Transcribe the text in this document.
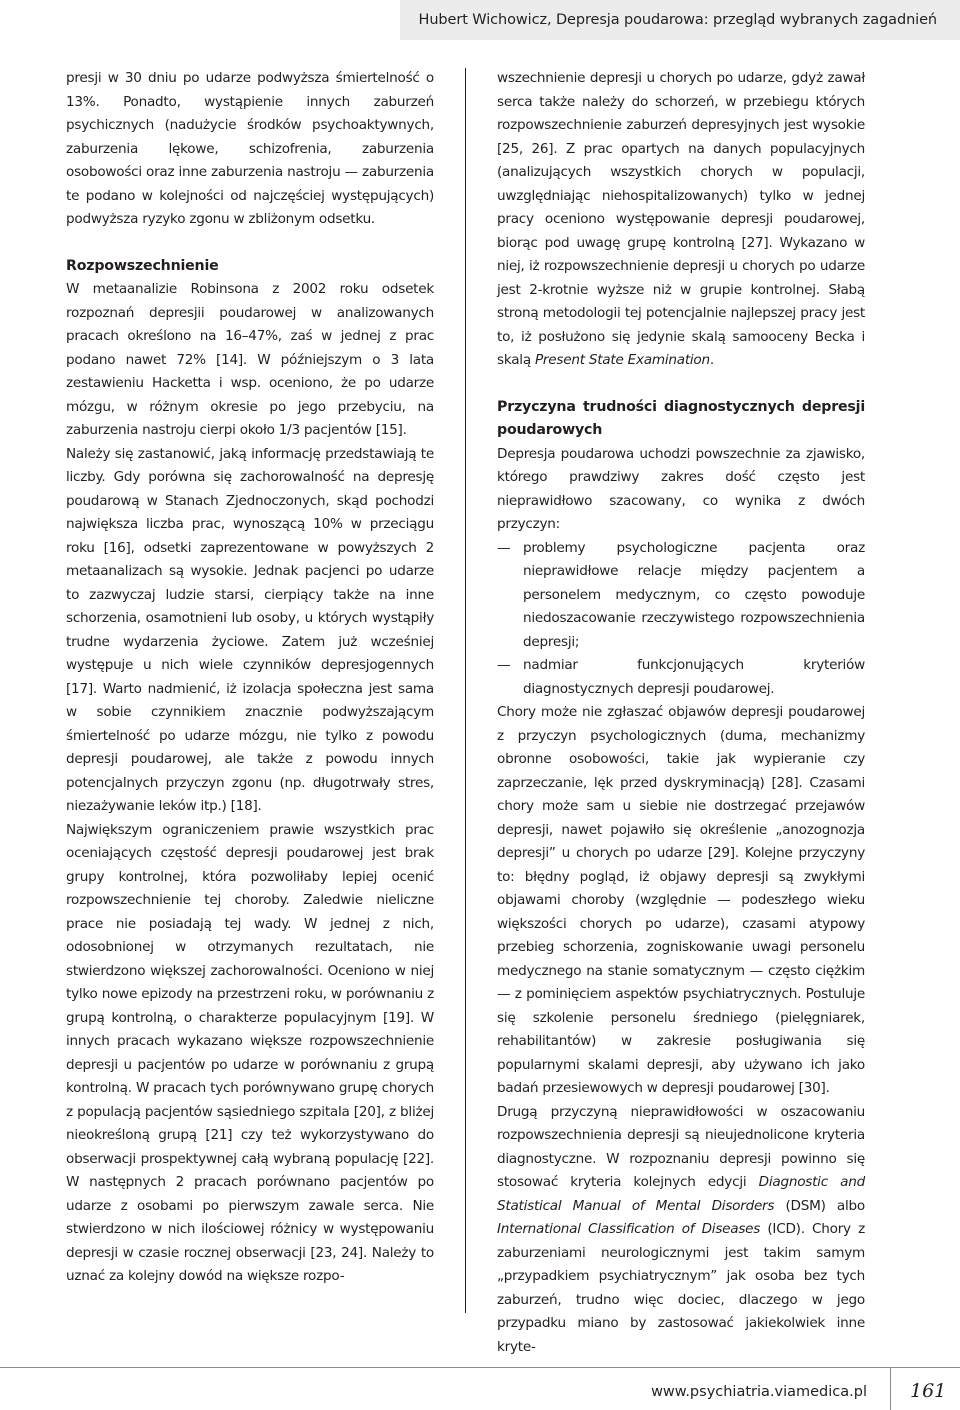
Hubert Wichowicz, Depresja poudarowa: przegląd wybranych zagadnień

presji w 30 dniu po udarze podwyższa śmiertelność o 13%. Ponadto, wystąpienie innych zaburzeń psychicznych (nadużycie środków psychoaktywnych, zaburzenia lękowe, schizofrenia, zaburzenia osobowości oraz inne zaburzenia nastroju — zaburzenia te podano w kolejności od najczęściej występujących) podwyższa ryzyko zgonu w zbliżonym odsetku.

Rozpowszechnienie

W metaanalizie Robinsona z 2002 roku odsetek rozpoznań depresjii poudarowej w analizowanych pracach określono na 16–47%, zaś w jednej z prac podano nawet 72% [14]. W późniejszym o 3 lata zestawieniu Hacketta i wsp. oceniono, że po udarze mózgu, w różnym okresie po jego przebyciu, na zaburzenia nastroju cierpi około 1/3 pacjentów [15].

Należy się zastanowić, jaką informację przedstawiają te liczby. Gdy porówna się zachorowalność na depresję poudarową w Stanach Zjednoczonych, skąd pochodzi największa liczba prac, wynoszącą 10% w przeciągu roku [16], odsetki zaprezentowane w powyższych 2 metaanalizach są wysokie. Jednak pacjenci po udarze to zazwyczaj ludzie starsi, cierpiący także na inne schorzenia, osamotnieni lub osoby, u których wystąpiły trudne wydarzenia życiowe. Zatem już wcześniej występuje u nich wiele czynników depresjogennych [17]. Warto nadmienić, iż izolacja społeczna jest sama w sobie czynnikiem znacznie podwyższającym śmiertelność po udarze mózgu, nie tylko z powodu depresji poudarowej, ale także z powodu innych potencjalnych przyczyn zgonu (np. długotrwały stres, niezażywanie leków itp.) [18].

Największym ograniczeniem prawie wszystkich prac oceniających częstość depresji poudarowej jest brak grupy kontrolnej, która pozwoliłaby lepiej ocenić rozpowszechnienie tej choroby. Zaledwie nieliczne prace nie posiadają tej wady. W jednej z nich, odosobnionej w otrzymanych rezultatach, nie stwierdzono większej zachorowalności. Oceniono w niej tylko nowe epizody na przestrzeni roku, w porównaniu z grupą kontrolną, o charakterze populacyjnym [19]. W innych pracach wykazano większe rozpowszechnienie depresji u pacjentów po udarze w porównaniu z grupą kontrolną. W pracach tych porównywano grupę chorych z populacją pacjentów sąsiedniego szpitala [20], z bliżej nieokreśloną grupą [21] czy też wykorzystywano do obserwacji prospektywnej całą wybraną populację [22]. W następnych 2 pracach porównano pacjentów po udarze z osobami po pierwszym zawale serca. Nie stwierdzono w nich ilościowej różnicy w występowaniu depresji w czasie rocznej obserwacji [23, 24]. Należy to uznać za kolejny dowód na większe rozpo-

wszechnienie depresji u chorych po udarze, gdyż zawał serca także należy do schorzeń, w przebiegu których rozpowszechnienie zaburzeń depresyjnych jest wysokie [25, 26]. Z prac opartych na danych populacyjnych (analizujących wszystkich chorych w populacji, uwzględniając niehospitalizowanych) tylko w jednej pracy oceniono występowanie depresji poudarowej, biorąc pod uwagę grupę kontrolną [27]. Wykazano w niej, iż rozpowszechnienie depresji u chorych po udarze jest 2-krotnie wyższe niż w grupie kontrolnej. Słabą stroną metodologii tej potencjalnie najlepszej pracy jest to, iż posłużono się jedynie skalą samooceny Becka i skalą Present State Examination.

Przyczyna trudności diagnostycznych depresji poudarowych

Depresja poudarowa uchodzi powszechnie za zjawisko, którego prawdziwy zakres dość często jest nieprawidłowo szacowany, co wynika z dwóch przyczyn:

— problemy psychologiczne pacjenta oraz nieprawidłowe relacje między pacjentem a personelem medycznym, co często powoduje niedoszacowanie rzeczywistego rozpowszechnienia depresji;
— nadmiar funkcjonujących kryteriów diagnostycznych depresji poudarowej.

Chory może nie zgłaszać objawów depresji poudarowej z przyczyn psychologicznych (duma, mechanizmy obronne osobowości, takie jak wypieranie czy zaprzeczanie, lęk przed dyskryminacją) [28]. Czasami chory może sam u siebie nie dostrzegać przejawów depresji, nawet pojawiło się określenie „anozognozja depresji” u chorych po udarze [29]. Kolejne przyczyny to: błędny pogląd, iż objawy depresji są zwykłymi objawami choroby (względnie — podeszłego wieku większości chorych po udarze), czasami atypowy przebieg schorzenia, zogniskowanie uwagi personelu medycznego na stanie somatycznym — często ciężkim — z pominięciem aspektów psychiatrycznych. Postuluje się szkolenie personelu średniego (pielęgniarek, rehabilitantów) w zakresie posługiwania się popularnymi skalami depresji, aby używano ich jako badań przesiewowych w depresji poudarowej [30].

Drugą przyczyną nieprawidłowości w oszacowaniu rozpowszechnienia depresji są nieujednolicone kryteria diagnostyczne. W rozpoznaniu depresji powinno się stosować kryteria kolejnych edycji Diagnostic and Statistical Manual of Mental Disorders (DSM) albo International Classification of Diseases (ICD). Chory z zaburzeniami neurologicznymi jest takim samym „przypadkiem psychiatrycznym” jak osoba bez tych zaburzeń, trudno więc dociec, dlaczego w jego przypadku miano by zastosować jakiekolwiek inne kryte-

www.psychiatria.viamedica.pl 161
